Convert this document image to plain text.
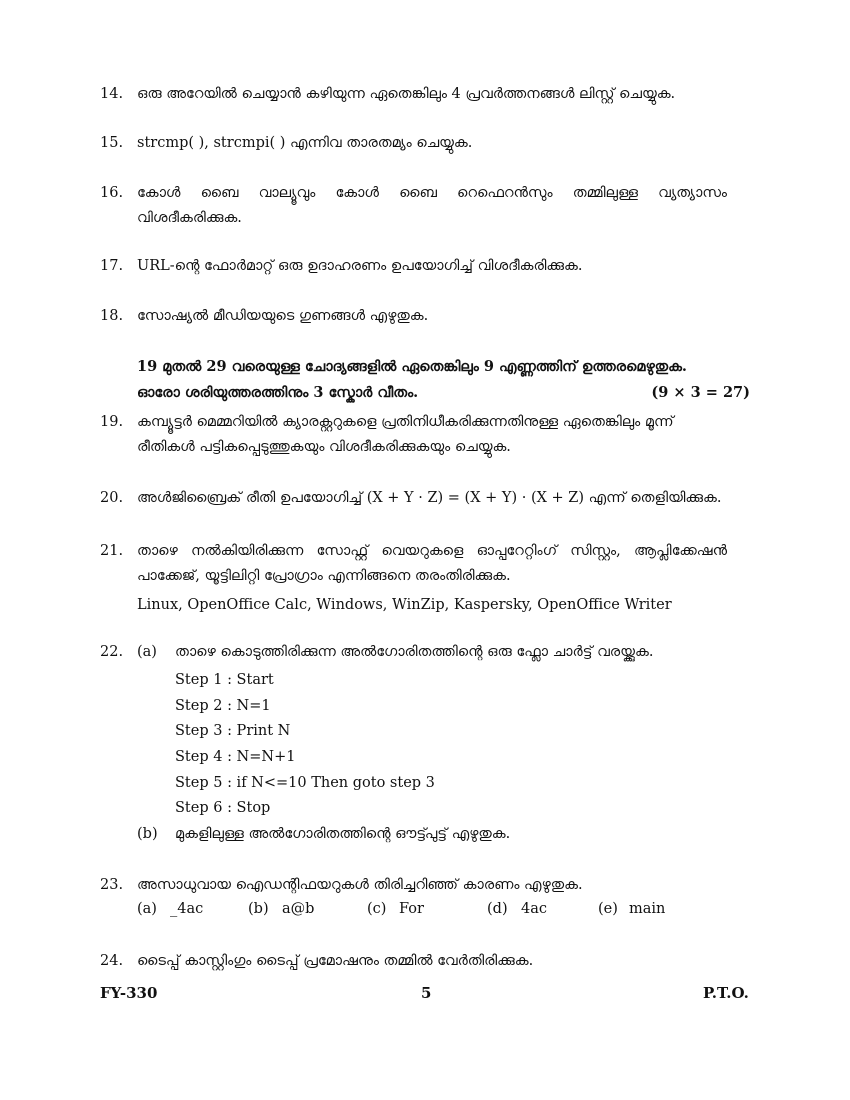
14. ഒരു അറേയിൽ ചെയ്യാൻ കഴിയുന്ന ഏതെങ്കിലും 4 പ്രവർത്തനങ്ങൾ ലിസ്റ്റ് ചെയ്യുക.
15. strcmp( ), strcmpi( ) എന്നിവ താരതമ്യം ചെയ്യുക.
16. കോൾ ബൈ വാല്യൂവും കോൾ ബൈ റെഫെറൻസും തമ്മിലുള്ള വ്യത്യാസം വിശദീകരിക്കുക.
17. URL-ന്റെ ഫോർമാറ്റ് ഒരു ഉദാഹരണം ഉപയോഗിച്ച് വിശദീകരിക്കുക.
18. സോഷ്യൽ മീഡിയയുടെ ഗുണങ്ങൾ എഴുതുക.
19 മുതൽ 29 വരെയുള്ള ചോദ്യങ്ങളിൽ ഏതെങ്കിലും 9 എണ്ണത്തിന് ഉത്തരമെഴുതുക.
ഓരോ ശരിയുത്തരത്തിനും 3 സ്കോർ വീതം.	(9 × 3 = 27)
19. കമ്പ്യൂട്ടർ മെമ്മറിയിൽ ക്യാരക്റ്ററുകളെ പ്രതിനിധീകരിക്കുന്നതിനുള്ള ഏതെങ്കിലും മൂന്ന് രീതികൾ പട്ടികപ്പെടുത്തുകയും വിശദീകരിക്കുകയും ചെയ്യുക.
20. അൾജിബ്രൈക് രീതി ഉപയോഗിച്ച് (X + Y · Z) = (X + Y) · (X + Z) എന്ന് തെളിയിക്കുക.
21. താഴെ നൽകിയിരിക്കുന്ന സോഫ്റ്റ് വെയറുകളെ ഓപ്പറേറ്റിംഗ് സിസ്റ്റം, ആപ്ലിക്കേഷൻ പാക്കേജ്, യൂട്ടിലിറ്റി പ്രോഗ്രാം എന്നിങ്ങനെ തരംതിരിക്കുക.
Linux, OpenOffice Calc, Windows, WinZip, Kaspersky, OpenOffice Writer
22. (a) താഴെ കൊടുത്തിരിക്കുന്ന അൽഗോരിതത്തിന്റെ ഒരു ഫ്ലോ ചാർട്ട് വരയ്ക്കുക.
Step 1 : Start
Step 2 : N=1
Step 3 : Print N
Step 4 : N=N+1
Step 5 : if N<=10 Then goto step 3
Step 6 : Stop
(b) മുകളിലുള്ള അൽഗോരിതത്തിന്റെ ഔട്ട്പുട്ട് എഴുതുക.
23. അസാധുവായ ഐഡന്റിഫയറുകൾ തിരിച്ചറിഞ്ഞ് കാരണം എഴുതുക.
(a) _4ac	(b) a@b	(c) For	(d) 4ac	(e) main
24. ടൈപ്പ് കാസ്റ്റിംഗും ടൈപ്പ് പ്രമോഷനും തമ്മിൽ വേർതിരിക്കുക.
FY-330	5	P.T.O.
